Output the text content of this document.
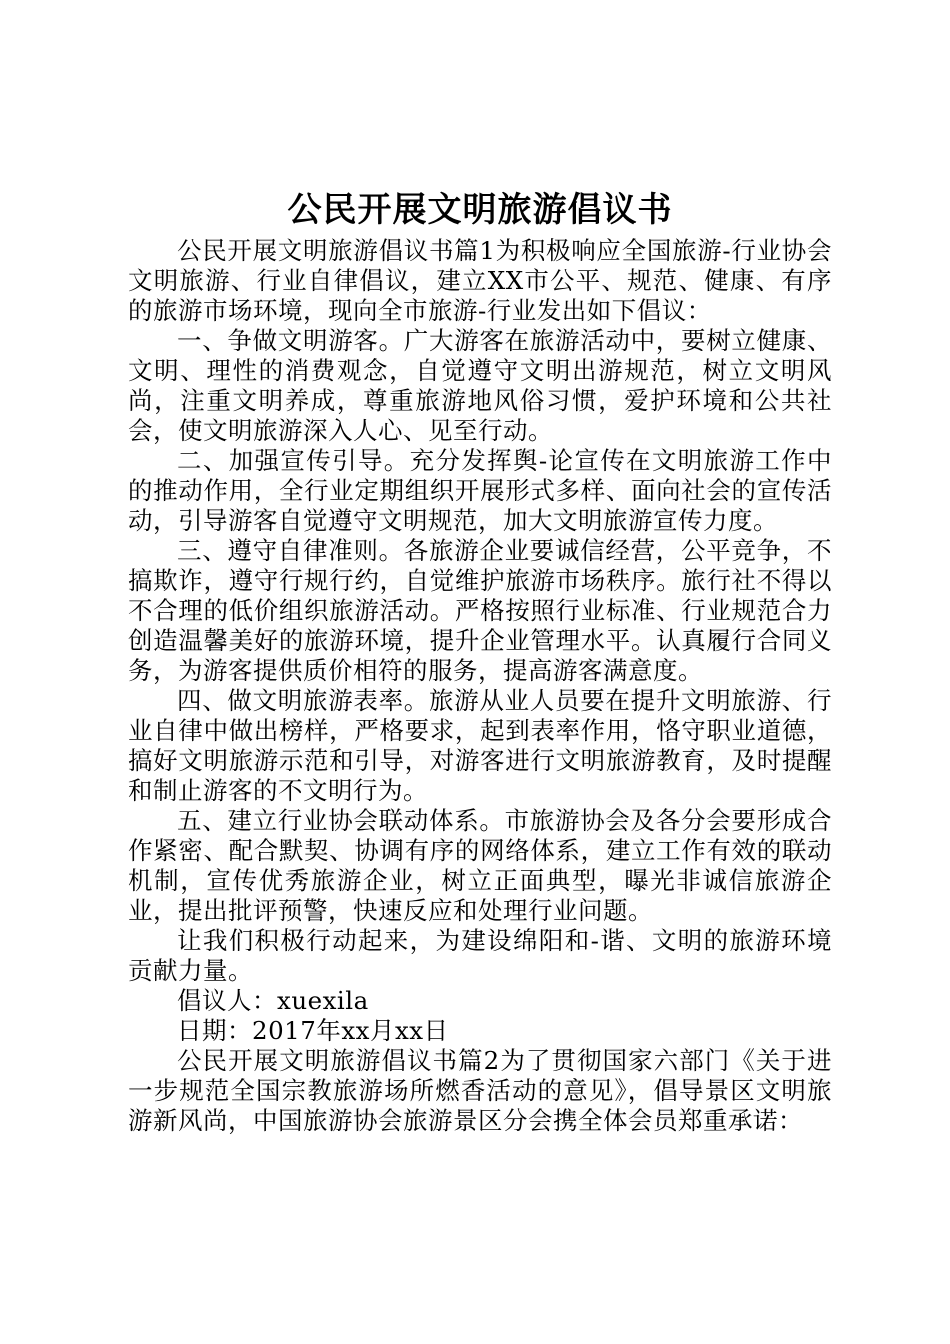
公民开展文明旅游倡议书

公民开展文明旅游倡议书篇1为积极响应全国旅游-行业协会文明旅游、行业自律倡议，建立XX市公平、规范、健康、有序的旅游市场环境，现向全市旅游-行业发出如下倡议：

一、争做文明游客。广大游客在旅游活动中，要树立健康、文明、理性的消费观念，自觉遵守文明出游规范，树立文明风尚，注重文明养成，尊重旅游地风俗习惯，爱护环境和公共社会，使文明旅游深入人心、见至行动。

二、加强宣传引导。充分发挥舆-论宣传在文明旅游工作中的推动作用，全行业定期组织开展形式多样、面向社会的宣传活动，引导游客自觉遵守文明规范，加大文明旅游宣传力度。

三、遵守自律准则。各旅游企业要诚信经营，公平竞争，不搞欺诈，遵守行规行约，自觉维护旅游市场秩序。旅行社不得以不合理的低价组织旅游活动。严格按照行业标准、行业规范合力创造温馨美好的旅游环境，提升企业管理水平。认真履行合同义务，为游客提供质价相符的服务，提高游客满意度。

四、做文明旅游表率。旅游从业人员要在提升文明旅游、行业自律中做出榜样，严格要求，起到表率作用，恪守职业道德，搞好文明旅游示范和引导，对游客进行文明旅游教育，及时提醒和制止游客的不文明行为。

五、建立行业协会联动体系。市旅游协会及各分会要形成合作紧密、配合默契、协调有序的网络体系，建立工作有效的联动机制，宣传优秀旅游企业，树立正面典型，曝光非诚信旅游企业，提出批评预警，快速反应和处理行业问题。

让我们积极行动起来，为建设绵阳和-谐、文明的旅游环境贡献力量。

倡议人：xuexila

日期：2017年xx月xx日

公民开展文明旅游倡议书篇2为了贯彻国家六部门《关于进一步规范全国宗教旅游场所燃香活动的意见》，倡导景区文明旅游新风尚，中国旅游协会旅游景区分会携全体会员郑重承诺：
